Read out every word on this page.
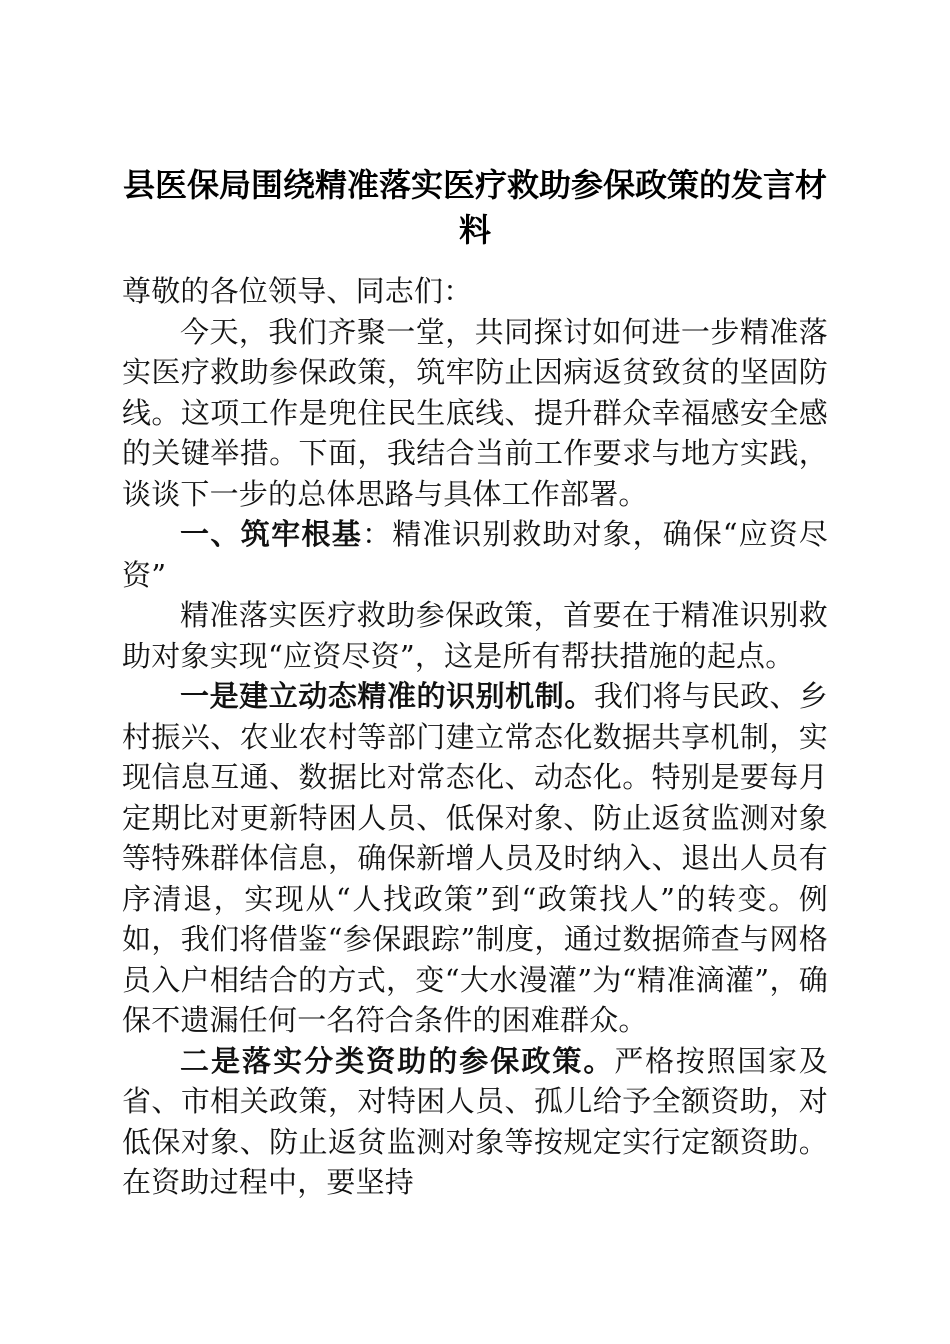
县医保局围绕精准落实医疗救助参保政策的发言材料

尊敬的各位领导、同志们：

今天，我们齐聚一堂，共同探讨如何进一步精准落实医疗救助参保政策，筑牢防止因病返贫致贫的坚固防线。这项工作是兜住民生底线、提升群众幸福感安全感的关键举措。下面，我结合当前工作要求与地方实践，谈谈下一步的总体思路与具体工作部署。

一、筑牢根基：精准识别救助对象，确保“应资尽资”

精准落实医疗救助参保政策，首要在于精准识别救助对象实现“应资尽资”，这是所有帮扶措施的起点。

一是建立动态精准的识别机制。我们将与民政、乡村振兴、农业农村等部门建立常态化数据共享机制，实现信息互通、数据比对常态化、动态化。特别是要每月定期比对更新特困人员、低保对象、防止返贫监测对象等特殊群体信息，确保新增人员及时纳入、退出人员有序清退，实现从“人找政策”到“政策找人”的转变。例如，我们将借鉴“参保跟踪”制度，通过数据筛查与网格员入户相结合的方式，变“大水漫灌”为“精准滴灌”，确保不遗漏任何一名符合条件的困难群众。

二是落实分类资助的参保政策。严格按照国家及省、市相关政策，对特困人员、孤儿给予全额资助，对低保对象、防止返贫监测对象等按规定实行定额资助。在资助过程中，要坚持
